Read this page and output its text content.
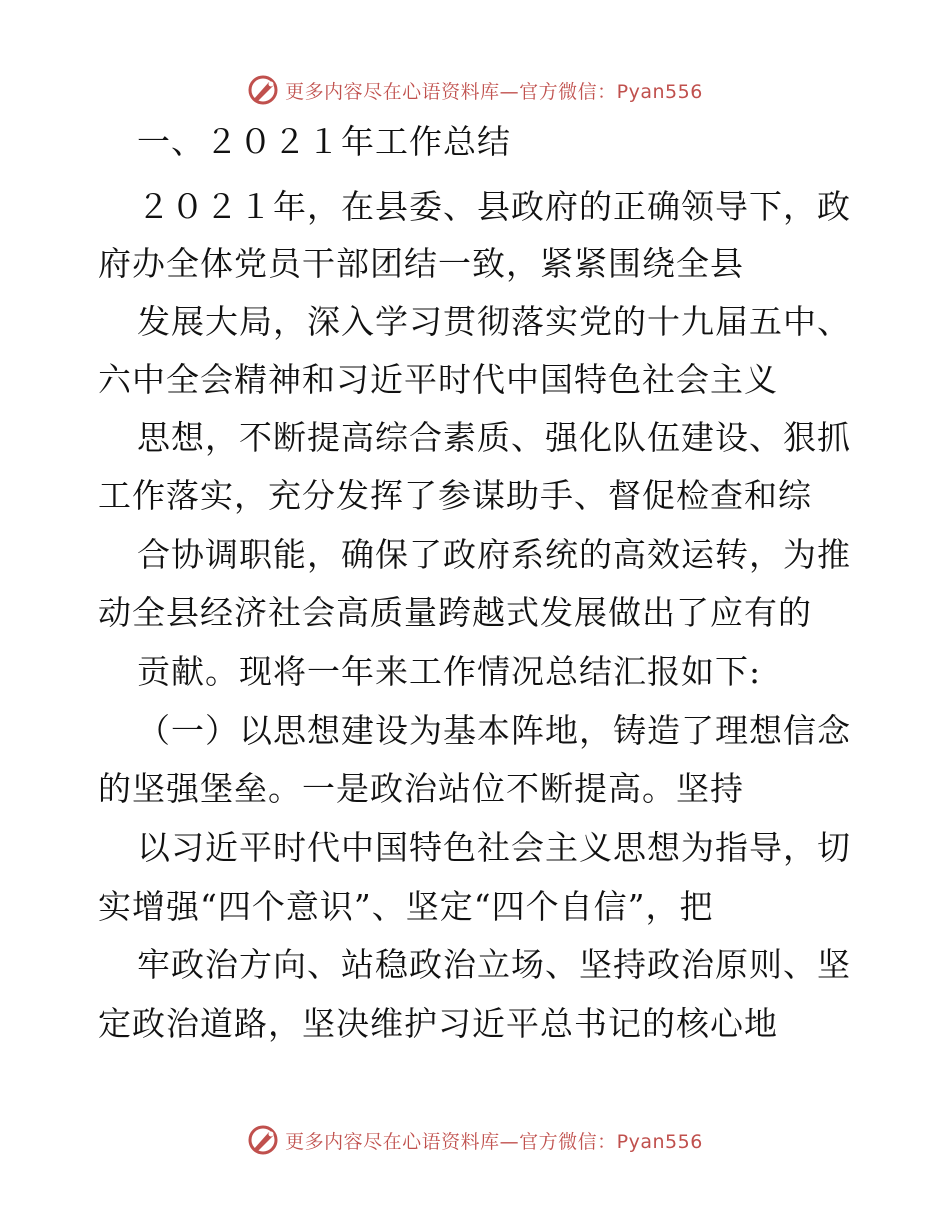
更多内容尽在心语资料库—官方微信：Pyan556
一、２０２１年工作总结
２０２１年，在县委、县政府的正确领导下，政
府办全体党员干部团结一致，紧紧围绕全县
发展大局，深入学习贯彻落实党的十九届五中、
六中全会精神和习近平时代中国特色社会主义
思想，不断提高综合素质、强化队伍建设、狠抓
工作落实，充分发挥了参谋助手、督促检查和综
合协调职能，确保了政府系统的高效运转，为推
动全县经济社会高质量跨越式发展做出了应有的
贡献。现将一年来工作情况总结汇报如下:
（一）以思想建设为基本阵地，铸造了理想信念
的坚强堡垒。一是政治站位不断提高。坚持
以习近平时代中国特色社会主义思想为指导，切
实增强“四个意识”、坚定“四个自信”，把
牢政治方向、站稳政治立场、坚持政治原则、坚
定政治道路，坚决维护习近平总书记的核心地
更多内容尽在心语资料库—官方微信：Pyan556
